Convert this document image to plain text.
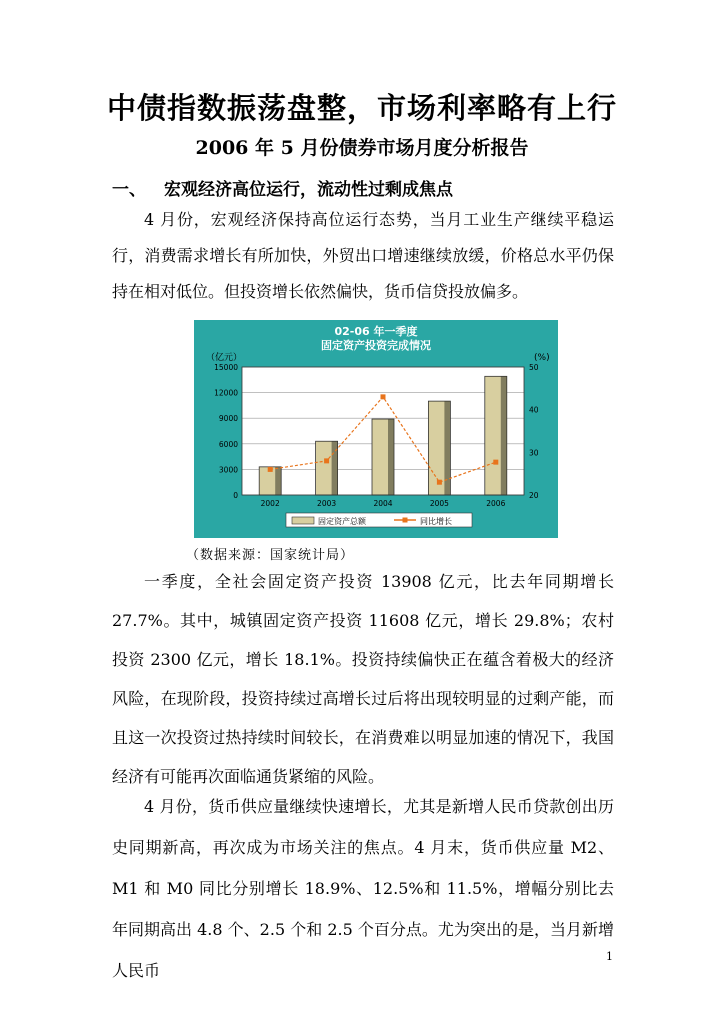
中债指数振荡盘整，市场利率略有上行
2006 年 5 月份债券市场月度分析报告
一、 宏观经济高位运行，流动性过剩成焦点

4 月份，宏观经济保持高位运行态势，当月工业生产继续平稳运行，消费需求增长有所加快，外贸出口增速继续放缓，价格总水平仍保持在相对低位。但投资增长依然偏快，货币信贷投放偏多。

02-06 年一季度
固定资产投资完成情况
（亿元）	(%)
0
3000
6000
9000
12000
15000
20
30
40
50
2002	2003	2004	2005	2006
固定资产总额	同比增长
（数据来源：国家统计局）

一季度，全社会固定资产投资 13908 亿元，比去年同期增长 27.7%。其中，城镇固定资产投资 11608 亿元，增长 29.8%；农村投资 2300 亿元，增长 18.1%。投资持续偏快正在蕴含着极大的经济风险，在现阶段，投资持续过高增长过后将出现较明显的过剩产能，而且这一次投资过热持续时间较长，在消费难以明显加速的情况下，我国经济有可能再次面临通货紧缩的风险。

4 月份，货币供应量继续快速增长，尤其是新增人民币贷款创出历史同期新高，再次成为市场关注的焦点。4 月末，货币供应量 M2、M1 和 M0 同比分别增长 18.9%、12.5%和 11.5%，增幅分别比去年同期高出 4.8 个、2.5 个和 2.5 个百分点。尤为突出的是，当月新增人民币

1
